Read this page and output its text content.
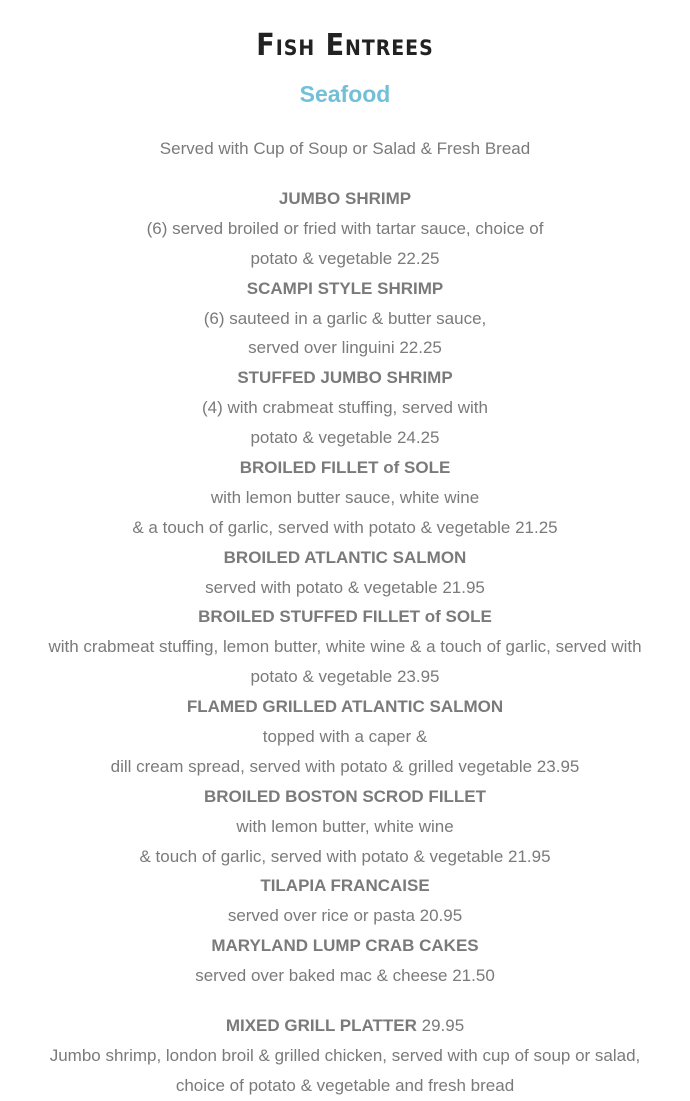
Fish Entrees
Seafood
Served with Cup of Soup or Salad & Fresh Bread
JUMBO SHRIMP
(6) served broiled or fried with tartar sauce, choice of
potato & vegetable 22.25
SCAMPI STYLE SHRIMP
(6) sauteed in a garlic & butter sauce,
served over linguini 22.25
STUFFED JUMBO SHRIMP
(4) with crabmeat stuffing, served with
potato & vegetable 24.25
BROILED FILLET of SOLE
with lemon butter sauce, white wine
& a touch of garlic, served with potato & vegetable 21.25
BROILED ATLANTIC SALMON
served with potato & vegetable 21.95
BROILED STUFFED FILLET of SOLE
with crabmeat stuffing, lemon butter, white wine & a touch of garlic, served with
potato & vegetable 23.95
FLAMED GRILLED ATLANTIC SALMON
topped with a caper &
dill cream spread, served with potato & grilled vegetable 23.95
BROILED BOSTON SCROD FILLET
with lemon butter, white wine
& touch of garlic, served with potato & vegetable 21.95
TILAPIA FRANCAISE
served over rice or pasta 20.95
MARYLAND LUMP CRAB CAKES
served over baked mac & cheese 21.50
MIXED GRILL PLATTER 29.95
Jumbo shrimp, london broil & grilled chicken, served with cup of soup or salad,
choice of potato & vegetable and fresh bread
